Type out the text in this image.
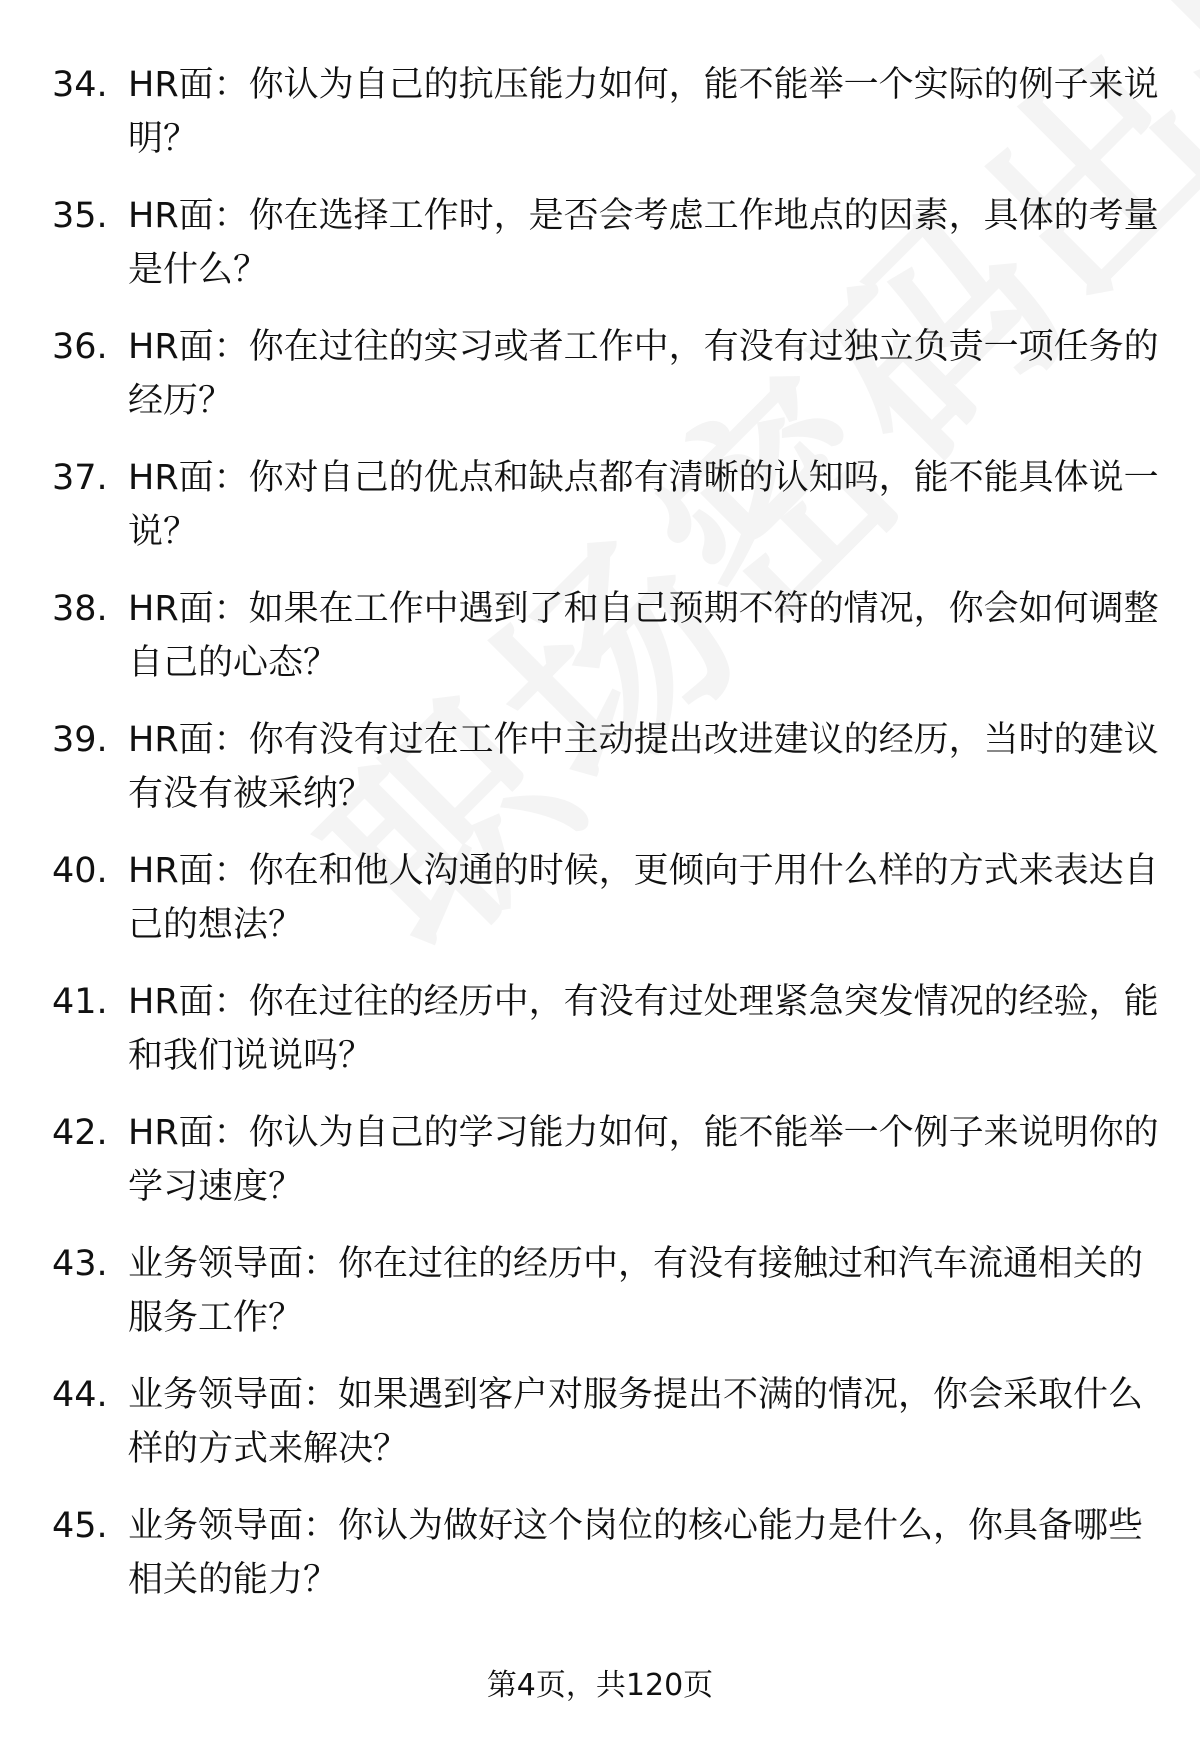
34. HR面：你认为自己的抗压能力如何，能不能举一个实际的例子来说明？
35. HR面：你在选择工作时，是否会考虑工作地点的因素，具体的考量是什么？
36. HR面：你在过往的实习或者工作中，有没有过独立负责一项任务的经历？
37. HR面：你对自己的优点和缺点都有清晰的认知吗，能不能具体说一说？
38. HR面：如果在工作中遇到了和自己预期不符的情况，你会如何调整自己的心态？
39. HR面：你有没有过在工作中主动提出改进建议的经历，当时的建议有没有被采纳？
40. HR面：你在和他人沟通的时候，更倾向于用什么样的方式来表达自己的想法？
41. HR面：你在过往的经历中，有没有过处理紧急突发情况的经验，能和我们说说吗？
42. HR面：你认为自己的学习能力如何，能不能举一个例子来说明你的学习速度？
43. 业务领导面：你在过往的经历中，有没有接触过和汽车流通相关的服务工作？
44. 业务领导面：如果遇到客户对服务提出不满的情况，你会采取什么样的方式来解决？
45. 业务领导面：你认为做好这个岗位的核心能力是什么，你具备哪些相关的能力？
第4页，共120页
